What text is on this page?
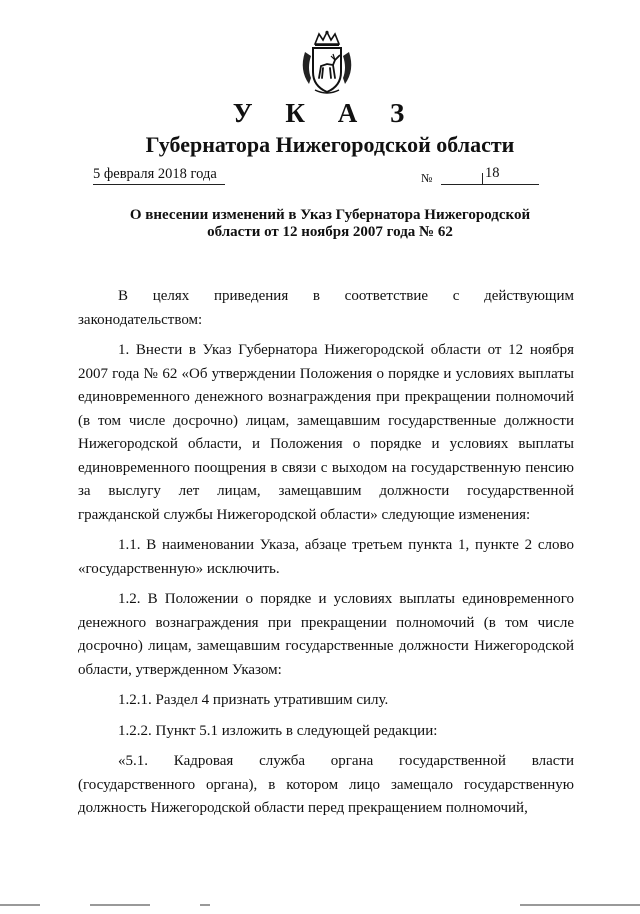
У К А З
Губернатора Нижегородской области
5 февраля 2018 года	№	18
О внесении изменений в Указ Губернатора Нижегородской
области от 12 ноября 2007 года № 62

В целях приведения в соответствие с действующим законодательством:

1. Внести в Указ Губернатора Нижегородской области от 12 ноября 2007 года № 62 «Об утверждении Положения о порядке и условиях выплаты единовременного денежного вознаграждения при прекращении полномочий (в том числе досрочно) лицам, замещавшим государственные должности Нижегородской области, и Положения о порядке и условиях выплаты единовременного поощрения в связи с выходом на государственную пенсию за выслугу лет лицам, замещавшим должности государственной гражданской службы Нижегородской области» следующие изменения:

1.1. В наименовании Указа, абзаце третьем пункта 1, пункте 2 слово «государственную» исключить.

1.2. В Положении о порядке и условиях выплаты единовременного денежного вознаграждения при прекращении полномочий (в том числе досрочно) лицам, замещавшим государственные должности Нижегородской области, утвержденном Указом:

1.2.1. Раздел 4 признать утратившим силу.

1.2.2. Пункт 5.1 изложить в следующей редакции:

«5.1. Кадровая служба органа государственной власти (государственного органа), в котором лицо замещало государственную должность Нижегородской области перед прекращением полномочий,
